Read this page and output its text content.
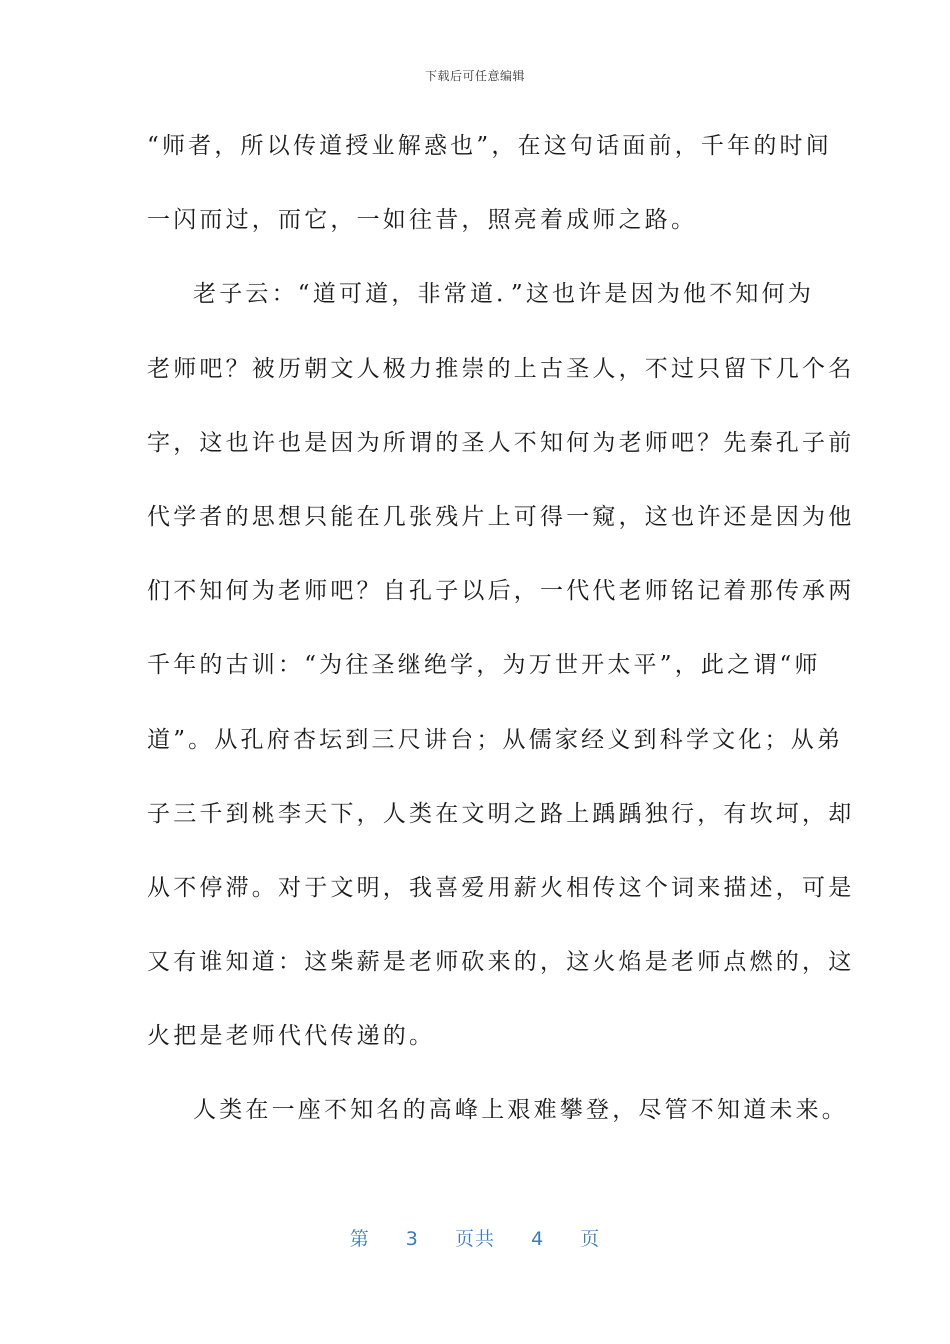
下载后可任意编辑
“师者，所以传道授业解惑也”，在这句话面前，千年的时间
一闪而过，而它，一如往昔，照亮着成师之路。
老子云：“道可道，非常道．”这也许是因为他不知何为
老师吧？被历朝文人极力推崇的上古圣人，不过只留下几个名
字，这也许也是因为所谓的圣人不知何为老师吧？先秦孔子前
代学者的思想只能在几张残片上可得一窥，这也许还是因为他
们不知何为老师吧？自孔子以后，一代代老师铭记着那传承两
千年的古训：“为往圣继绝学，为万世开太平”，此之谓“师
道”。从孔府杏坛到三尺讲台；从儒家经义到科学文化；从弟
子三千到桃李天下，人类在文明之路上踽踽独行，有坎坷，却
从不停滞。对于文明，我喜爱用薪火相传这个词来描述，可是
又有谁知道：这柴薪是老师砍来的，这火焰是老师点燃的，这
火把是老师代代传递的。
人类在一座不知名的高峰上艰难攀登，尽管不知道未来。
第 3 页共 4 页
